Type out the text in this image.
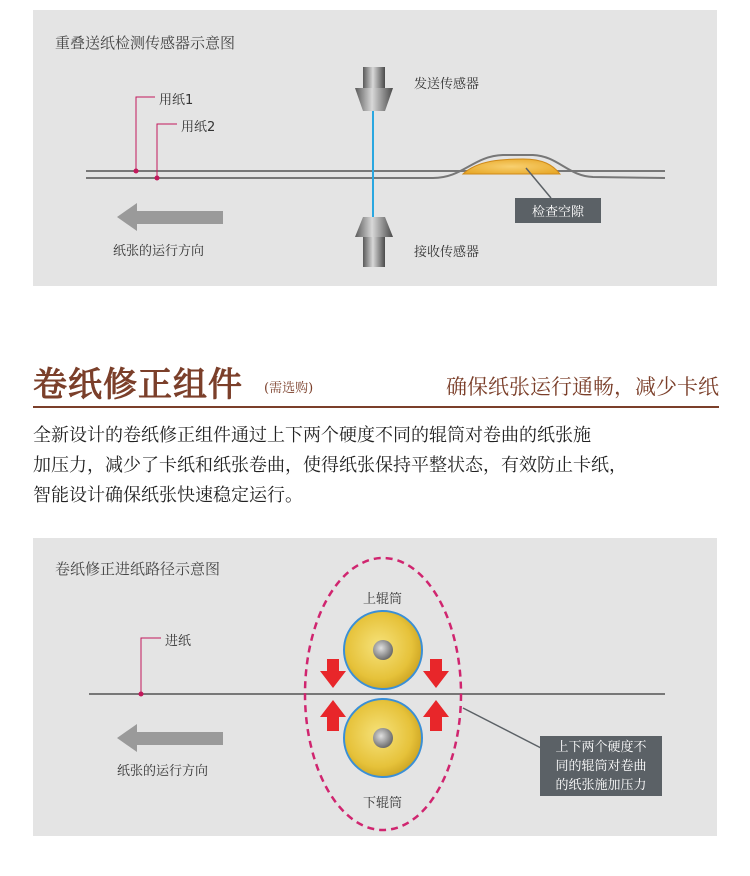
重叠送纸检测传感器示意图
用纸1
用纸2
发送传感器
接收传感器
纸张的运行方向
检查空隙
卷纸修正组件 (需选购)	确保纸张运行通畅，减少卡纸
全新设计的卷纸修正组件通过上下两个硬度不同的辊筒对卷曲的纸张施
加压力，减少了卡纸和纸张卷曲，使得纸张保持平整状态，有效防止卡纸，
智能设计确保纸张快速稳定运行。
卷纸修正进纸路径示意图
进纸
上辊筒
下辊筒
纸张的运行方向
上下两个硬度不
同的辊筒对卷曲
的纸张施加压力
